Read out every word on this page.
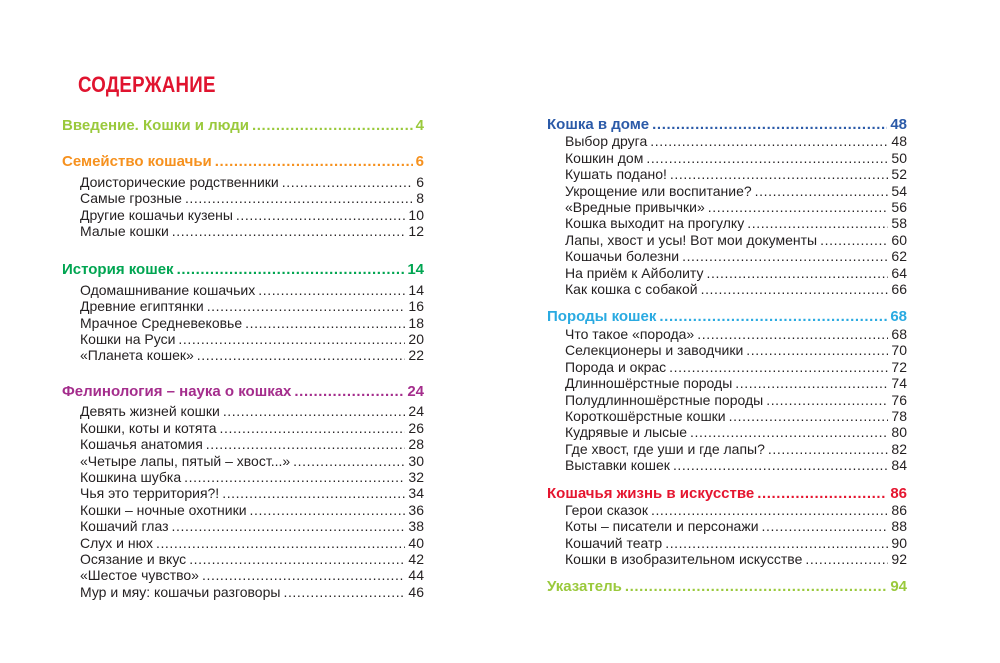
СОДЕРЖАНИЕ
Введение. Кошки и люди .....	4
Семейство кошачьи .....	6
Доисторические родственники .....	6
Самые грозные .....	8
Другие кошачьи кузены .....	10
Малые кошки .....	12
История кошек .....	14
Одомашнивание кошачьих .....	14
Древние египтянки .....	16
Мрачное Средневековье .....	18
Кошки на Руси .....	20
«Планета кошек» .....	22
Фелинология – наука о кошках .....	24
Девять жизней кошки .....	24
Кошки, коты и котята .....	26
Кошачья анатомия .....	28
«Четыре лапы, пятый – хвост...» .....	30
Кошкина шубка .....	32
Чья это территория?! .....	34
Кошки – ночные охотники .....	36
Кошачий глаз .....	38
Слух и нюх .....	40
Осязание и вкус .....	42
«Шестое чувство» .....	44
Мур и мяу: кошачьи разговоры .....	46
Кошка в доме .....	48
Выбор друга .....	48
Кошкин дом .....	50
Кушать подано! .....	52
Укрощение или воспитание? .....	54
«Вредные привычки» .....	56
Кошка выходит на прогулку .....	58
Лапы, хвост и усы! Вот мои документы .....	60
Кошачьи болезни .....	62
На приём к Айболиту .....	64
Как кошка с собакой .....	66
Породы кошек .....	68
Что такое «порода» .....	68
Селекционеры и заводчики .....	70
Порода и окрас .....	72
Длинношёрстные породы .....	74
Полудлинношёрстные породы .....	76
Короткошёрстные кошки .....	78
Кудрявые и лысые .....	80
Где хвост, где уши и где лапы? .....	82
Выставки кошек .....	84
Кошачья жизнь в искусстве .....	86
Герои сказок .....	86
Коты – писатели и персонажи .....	88
Кошачий театр .....	90
Кошки в изобразительном искусстве .....	92
Указатель .....	94
